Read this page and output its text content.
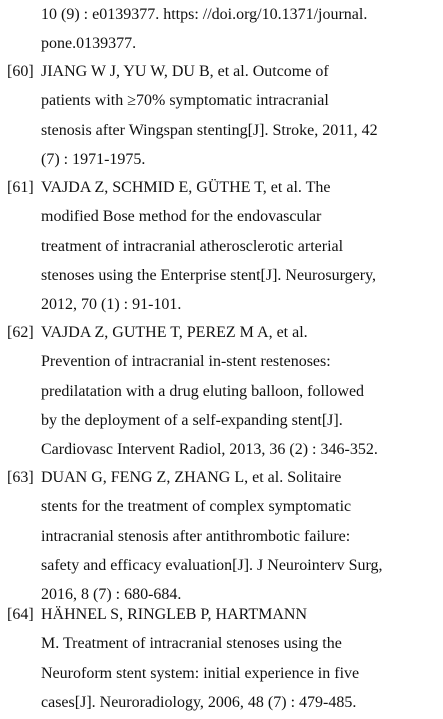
10 (9) : e0139377. https: //doi.org/10.1371/journal.
pone.0139377.
[60] JIANG W J, YU W, DU B, et al. Outcome of
patients with ≥70% symptomatic intracranial
stenosis after Wingspan stenting[J]. Stroke, 2011, 42
(7) : 1971-1975.
[61] VAJDA Z, SCHMID E, GÜTHE T, et al. The
modified Bose method for the endovascular
treatment of intracranial atherosclerotic arterial
stenoses using the Enterprise stent[J]. Neurosurgery,
2012, 70 (1) : 91-101.
[62] VAJDA Z, GUTHE T, PEREZ M A, et al.
Prevention of intracranial in-stent restenoses:
predilatation with a drug eluting balloon, followed
by the deployment of a self-expanding stent[J].
Cardiovasc Intervent Radiol, 2013, 36 (2) : 346-352.
[63] DUAN G, FENG Z, ZHANG L, et al. Solitaire
stents for the treatment of complex symptomatic
intracranial stenosis after antithrombotic failure:
safety and efficacy evaluation[J]. J Neurointerv Surg,
2016, 8 (7) : 680-684.
[64] HÄHNEL S, RINGLEB P, HARTMANN
M. Treatment of intracranial stenoses using the
Neuroform stent system: initial experience in five
cases[J]. Neuroradiology, 2006, 48 (7) : 479-485.
